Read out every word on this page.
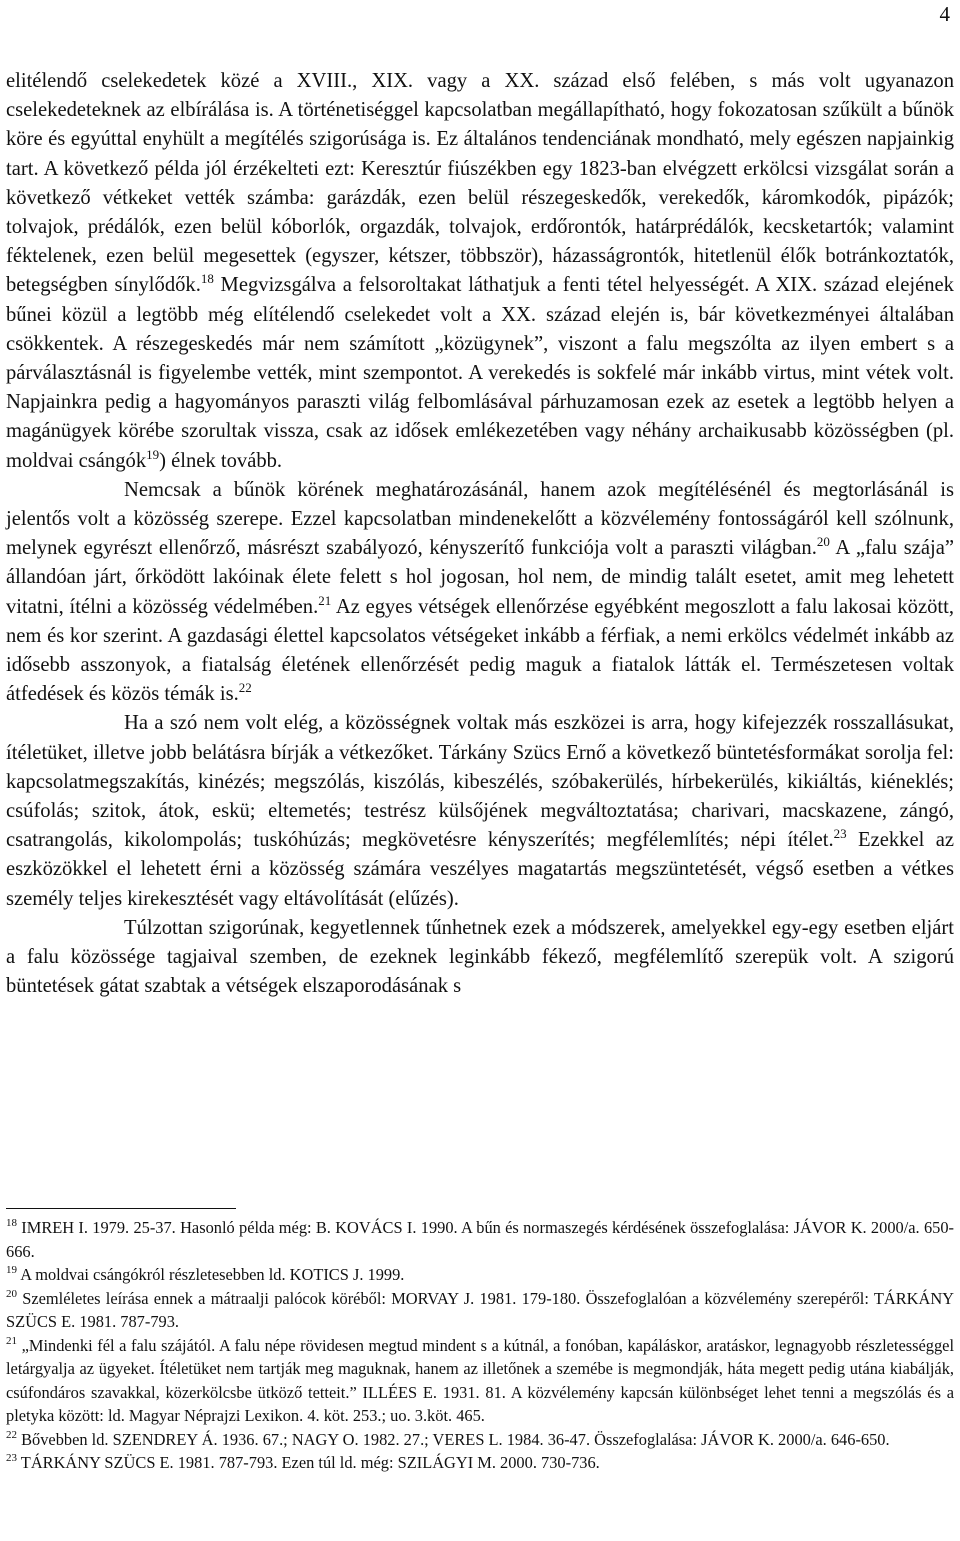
4

elitélendő cselekedetek közé a XVIII., XIX. vagy a XX. század első felében, s más volt ugyanazon cselekedeteknek az elbírálása is. A történetiséggel kapcsolatban megállapítható, hogy fokozatosan szűkült a bűnök köre és egyúttal enyhült a megítélés szigorúsága is. Ez általános tendenciának mondható, mely egészen napjainkig tart. A következő példa jól érzékelteti ezt: Keresztúr fiúszékben egy 1823-ban elvégzett erkölcsi vizsgálat során a következő vétkeket vették számba: garázdák, ezen belül részegeskedők, verekedők, káromkodók, pipázók; tolvajok, prédálók, ezen belül kóborlók, orgazdák, tolvajok, erdőrontók, határprédálók, kecsketartók; valamint féktelenek, ezen belül megesettek (egyszer, kétszer, többször), házasságrontók, hitetlenül élők botránkoztatók, betegségben sínylődők.$^{18}$ Megvizsgálva a felsoroltakat láthatjuk a fenti tétel helyességét. A XIX. század elejének bűnei közül a legtöbb még elítélendő cselekedet volt a XX. század elején is, bár következményei általában csökkentek. A részegeskedés már nem számított „közügynek”, viszont a falu megszólta az ilyen embert s a párválasztásnál is figyelembe vették, mint szempontot. A verekedés is sokfelé már inkább virtus, mint vétek volt. Napjainkra pedig a hagyományos paraszti világ felbomlásával párhuzamosan ezek az esetek a legtöbb helyen a magánügyek körébe szorultak vissza, csak az idősek emlékezetében vagy néhány archaikusabb közösségben (pl. moldvai csángók$^{19}$) élnek tovább.

Nemcsak a bűnök körének meghatározásánál, hanem azok megítélésénél és megtorlásánál is jelentős volt a közösség szerepe. Ezzel kapcsolatban mindenekelőtt a közvélemény fontosságáról kell szólnunk, melynek egyrészt ellenőrző, másrészt szabályozó, kényszerítő funkciója volt a paraszti világban.$^{20}$ A „falu szája” állandóan járt, őrködött lakóinak élete felett s hol jogosan, hol nem, de mindig talált esetet, amit meg lehetett vitatni, ítélni a közösség védelmében.$^{21}$ Az egyes vétségek ellenőrzése egyébként megoszlott a falu lakosai között, nem és kor szerint. A gazdasági élettel kapcsolatos vétségeket inkább a férfiak, a nemi erkölcs védelmét inkább az idősebb asszonyok, a fiatalság életének ellenőrzését pedig maguk a fiatalok látták el. Természetesen voltak átfedések és közös témák is.$^{22}$

Ha a szó nem volt elég, a közösségnek voltak más eszközei is arra, hogy kifejezzék rosszallásukat, ítéletüket, illetve jobb belátásra bírják a vétkezőket. Tárkány Szücs Ernő a következő büntetésformákat sorolja fel: kapcsolatmegszakítás, kinézés; megszólás, kiszólás, kibeszélés, szóbakerülés, hírbekerülés, kikiáltás, kiéneklés; csúfolás; szitok, átok, eskü; eltemetés; testrész külsőjének megváltoztatása; charivari, macskazene, zángó, csatrangolás, kikolompolás; tuskóhúzás; megkövetésre kényszerítés; megfélemlítés; népi ítélet.$^{23}$ Ezekkel az eszközökkel el lehetett érni a közösség számára veszélyes magatartás megszüntetését, végső esetben a vétkes személy teljes kirekesztését vagy eltávolítását (elűzés).

Túlzottan szigorúnak, kegyetlennek tűnhetnek ezek a módszerek, amelyekkel egy-egy esetben eljárt a falu közössége tagjaival szemben, de ezeknek leginkább fékező, megfélemlítő szerepük volt. A szigorú büntetések gátat szabtak a vétségek elszaporodásának s

$^{18}$ IMREH I. 1979. 25-37. Hasonló példa még: B. KOVÁCS I. 1990. A bűn és normaszegés kérdésének összefoglalása: JÁVOR K. 2000/a. 650-666.

$^{19}$ A moldvai csángókról részletesebben ld. KOTICS J. 1999.

$^{20}$ Szemléletes leírása ennek a mátraalji palócok köréből: MORVAY J. 1981. 179-180. Összefoglalóan a közvélemény szerepéről: TÁRKÁNY SZÜCS E. 1981. 787-793.

$^{21}$ „Mindenki fél a falu szájától. A falu népe rövidesen megtud mindent s a kútnál, a fonóban, kapáláskor, aratáskor, legnagyobb részletességgel letárgyalja az ügyeket. Ítéletüket nem tartják meg maguknak, hanem az illetőnek a szemébe is megmondják, háta megett pedig utána kiabálják, csúfondáros szavakkal, közerkölcsbe ütköző tetteit.” ILLÉES E. 1931. 81. A közvélemény kapcsán különbséget lehet tenni a megszólás és a pletyka között: ld. Magyar Néprajzi Lexikon. 4. köt. 253.; uo. 3.köt. 465.

$^{22}$ Bővebben ld. SZENDREY Á. 1936. 67.; NAGY O. 1982. 27.; VERES L. 1984. 36-47. Összefoglalása: JÁVOR K. 2000/a. 646-650.

$^{23}$ TÁRKÁNY SZÜCS E. 1981. 787-793. Ezen túl ld. még: SZILÁGYI M. 2000. 730-736.
